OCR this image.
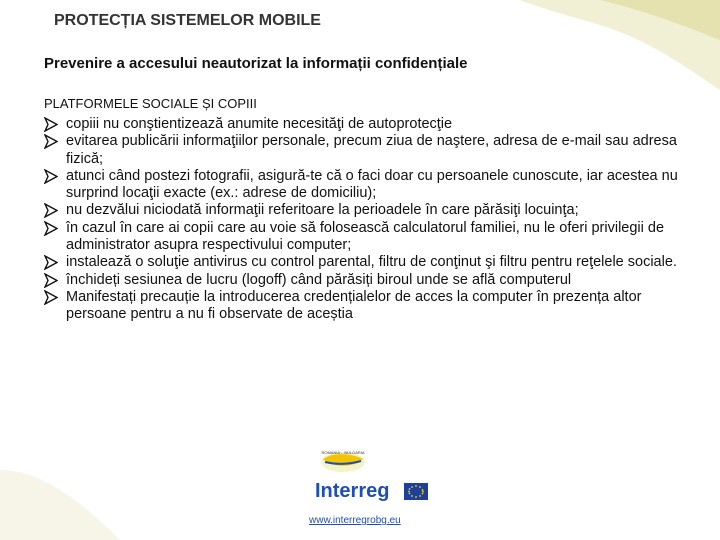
PROTECȚIA SISTEMELOR MOBILE
Prevenire a accesului neautorizat la informații confidențiale
PLATFORMELE SOCIALE ȘI COPIII
copiii nu conştientizează anumite necesităţi de autoprotecţie
evitarea publicării informaţiilor personale, precum ziua de naştere, adresa de e-mail sau adresa fizică;
atunci când postezi fotografii, asigură-te că o faci doar cu persoanele cunoscute, iar acestea nu surprind locaţii exacte (ex.: adrese de domiciliu);
nu dezvălui niciodată informaţii referitoare la perioadele în care părăsiţi locuinţa;
în cazul în care ai copii care au voie să folosească calculatorul familiei, nu le oferi privilegii de administrator asupra respectivului computer;
instalează o soluţie antivirus cu control parental, filtru de conţinut şi filtru pentru reţelele sociale.
închideți sesiunea de lucru (logoff) când părăsiți biroul unde se află computerul
Manifestați precauție la introducerea credențialelor de acces la computer în prezența altor persoane pentru a nu fi observate de aceștia
ROMANIA – BULGARIA
Interreg
www.interregrobg.eu
